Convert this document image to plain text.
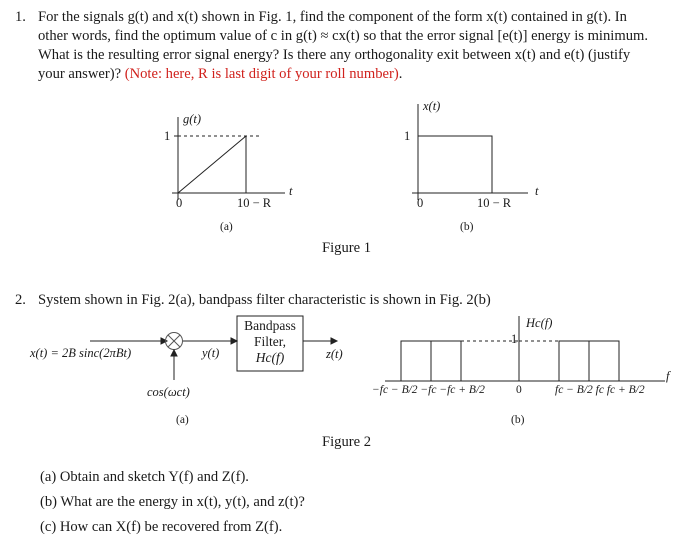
1. For the signals g(t) and x(t) shown in Fig. 1, find the component of the form x(t) contained in g(t). In
other words, find the optimum value of c in g(t) ≈ cx(t) so that the error signal [e(t)] energy is minimum.
What is the resulting error signal energy? Is there any orthogonality exit between x(t) and e(t) (justify
your answer)? (Note: here, R is last digit of your roll number).
g(t)
1
0	10 − R
t
(a)
x(t)
1
0	10 − R
t
(b)
Figure 1
2. System shown in Fig. 2(a), bandpass filter characteristic is shown in Fig. 2(b)
x(t) = 2B sinc(2πBt)	y(t)
Bandpass
Filter,
Hc(f)	z(t)
cos(ωct)
(a)
Hc(f)
1
f
−fc − B/2 −fc −fc + B/2	0	fc − B/2 fc fc + B/2
(b)
Figure 2
(a) Obtain and sketch Y(f) and Z(f).
(b) What are the energy in x(t), y(t), and z(t)?
(c) How can X(f) be recovered from Z(f).
